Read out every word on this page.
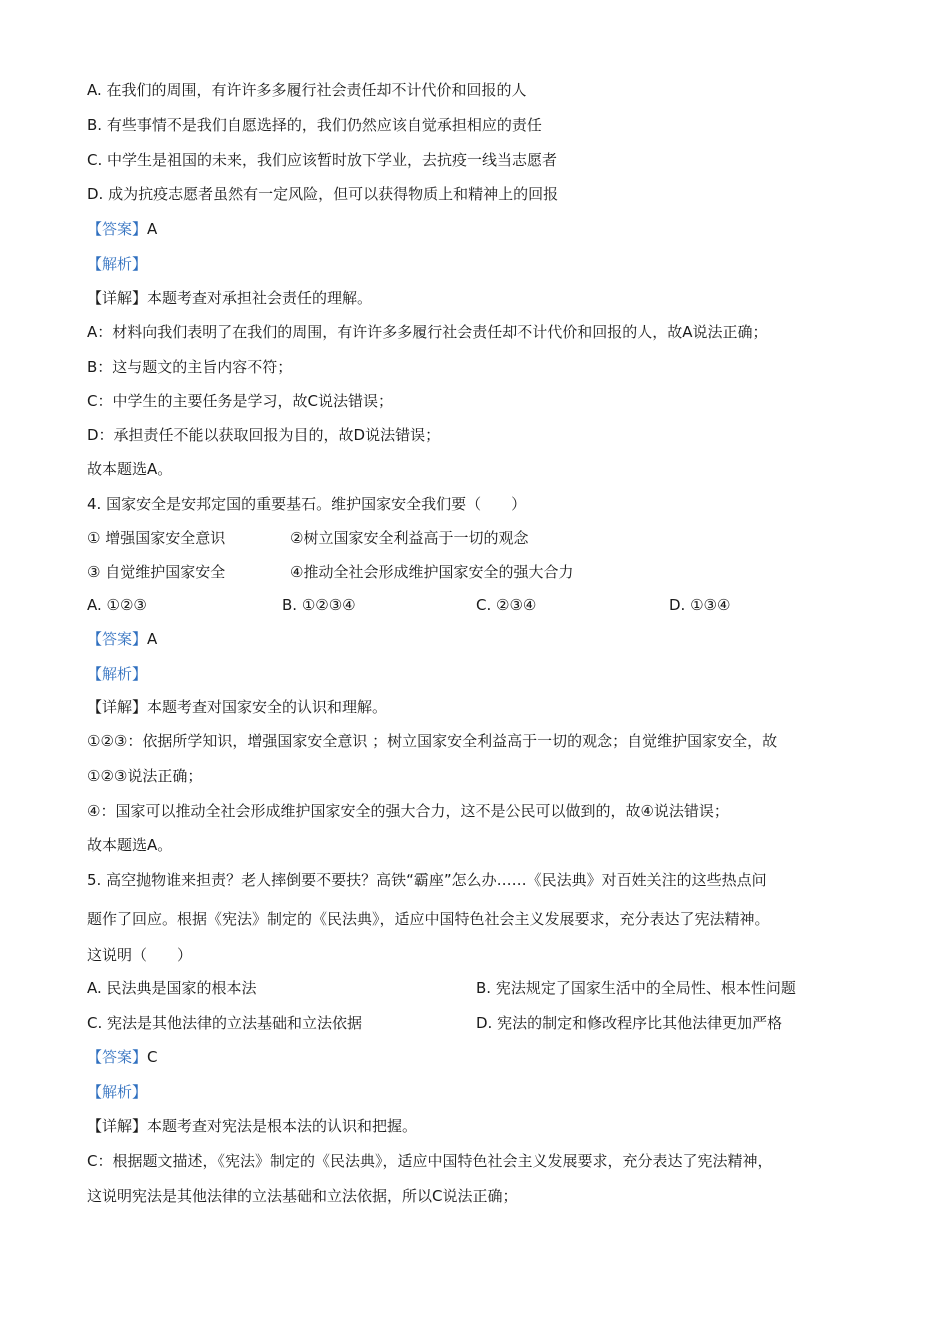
A. 在我们的周围，有许许多多履行社会责任却不计代价和回报的人
B. 有些事情不是我们自愿选择的，我们仍然应该自觉承担相应的责任
C. 中学生是祖国的未来，我们应该暂时放下学业，去抗疫一线当志愿者
D. 成为抗疫志愿者虽然有一定风险，但可以获得物质上和精神上的回报
【答案】A
【解析】
【详解】本题考查对承担社会责任的理解。
A：材料向我们表明了在我们的周围，有许许多多履行社会责任却不计代价和回报的人，故A说法正确；
B：这与题文的主旨内容不符；
C：中学生的主要任务是学习，故C说法错误；
D：承担责任不能以获取回报为目的，故D说法错误；
故本题选A。
4. 国家安全是安邦定国的重要基石。维护国家安全我们要（　　）
① 增强国家安全意识	②树立国家安全利益高于一切的观念
③ 自觉维护国家安全	④推动全社会形成维护国家安全的强大合力
A. ①②③	B. ①②③④	C. ②③④	D. ①③④
【答案】A
【解析】
【详解】本题考查对国家安全的认识和理解。
①②③：依据所学知识，增强国家安全意识 ；树立国家安全利益高于一切的观念；自觉维护国家安全，故
①②③说法正确；
④：国家可以推动全社会形成维护国家安全的强大合力，这不是公民可以做到的，故④说法错误；
故本题选A。
5. 高空抛物谁来担责？老人摔倒要不要扶？高铁“霸座”怎么办……《民法典》对百姓关注的这些热点问
题作了回应。根据《宪法》制定的《民法典》，适应中国特色社会主义发展要求，充分表达了宪法精神。
这说明（　　）
A. 民法典是国家的根本法	B. 宪法规定了国家生活中的全局性、根本性问题
C. 宪法是其他法律的立法基础和立法依据	D. 宪法的制定和修改程序比其他法律更加严格
【答案】C
【解析】
【详解】本题考查对宪法是根本法的认识和把握。
C：根据题文描述，《宪法》制定的《民法典》，适应中国特色社会主义发展要求，充分表达了宪法精神，
这说明宪法是其他法律的立法基础和立法依据，所以C说法正确；
